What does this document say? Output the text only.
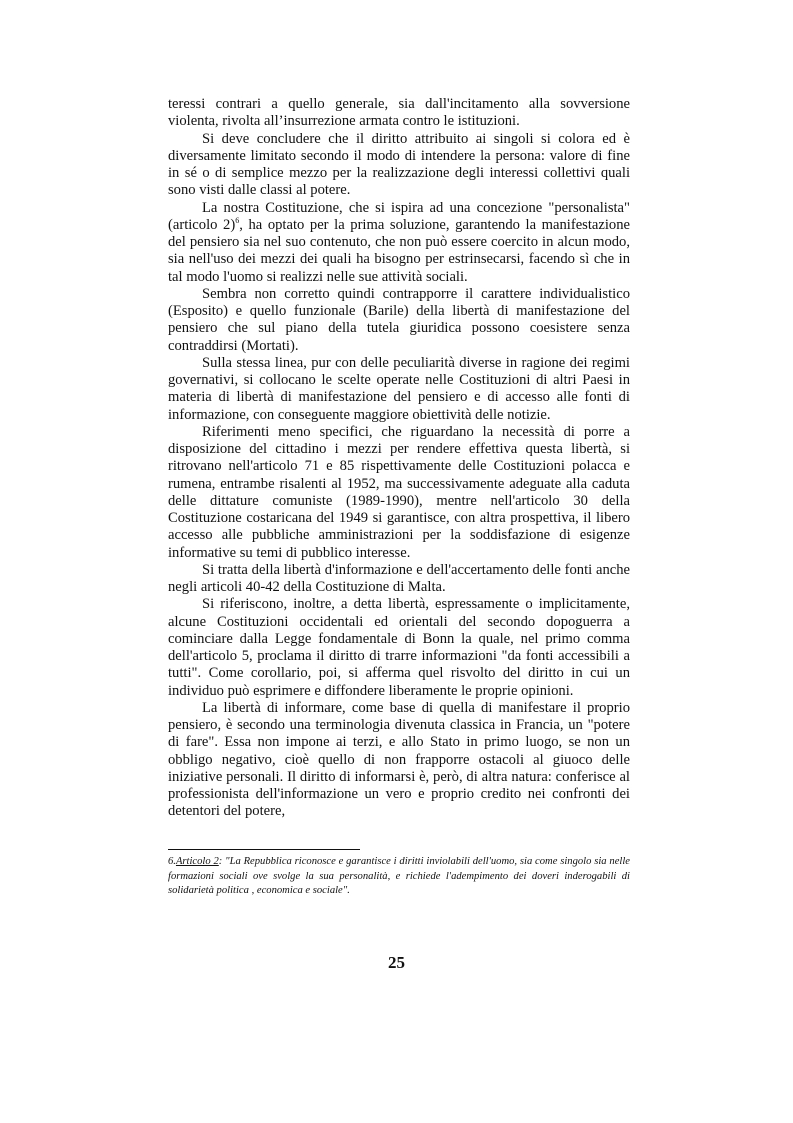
teressi contrari a quello generale, sia dall'incitamento alla sovversione violenta, rivolta all’insurrezione armata contro le istituzioni.

Si deve concludere che il diritto attribuito ai singoli si colora ed è diversamente limitato secondo il modo di intendere la persona: valore di fine in sé o di semplice mezzo per la realizzazione degli interessi collettivi quali sono visti dalle classi al potere.

La nostra Costituzione, che si ispira ad una concezione "personalista" (articolo 2)$^6$, ha optato per la prima soluzione, garantendo la manifestazione del pensiero sia nel suo contenuto, che non può essere coercito in alcun modo, sia nell'uso dei mezzi dei quali ha bisogno per estrinsecarsi, facendo sì che in tal modo l'uomo si realizzi nelle sue attività sociali.

Sembra non corretto quindi contrapporre il carattere individualistico (Esposito) e quello funzionale (Barile) della libertà di manifestazione del pensiero che sul piano della tutela giuridica possono coesistere senza contraddirsi (Mortati).

Sulla stessa linea, pur con delle peculiarità diverse in ragione dei regimi governativi, si collocano le scelte operate nelle Costituzioni di altri Paesi in materia di libertà di manifestazione del pensiero e di accesso alle fonti di informazione, con conseguente maggiore obiettività delle notizie.

Riferimenti meno specifici, che riguardano la necessità di porre a disposizione del cittadino i mezzi per rendere effettiva questa libertà, si ritrovano nell'articolo 71 e 85 rispettivamente delle Costituzioni polacca e rumena, entrambe risalenti al 1952, ma successivamente adeguate alla caduta delle dittature comuniste (1989-1990), mentre nell'articolo 30 della Costituzione costaricana del 1949 si garantisce, con altra prospettiva, il libero accesso alle pubbliche amministrazioni per la soddisfazione di esigenze informative su temi di pubblico interesse.

Si tratta della libertà d'informazione e dell'accertamento delle fonti anche negli articoli 40-42 della Costituzione di Malta.

Si riferiscono, inoltre, a detta libertà, espressamente o implicitamente, alcune Costituzioni occidentali ed orientali del secondo dopoguerra a cominciare dalla Legge fondamentale di Bonn la quale, nel primo comma dell'articolo 5, proclama il diritto di trarre informazioni "da fonti accessibili a tutti". Come corollario, poi, si afferma quel risvolto del diritto in cui un individuo può esprimere e diffondere liberamente le proprie opinioni.

La libertà di informare, come base di quella di manifestare il proprio pensiero, è secondo una terminologia divenuta classica in Francia, un "potere di fare". Essa non impone ai terzi, e allo Stato in primo luogo, se non un obbligo negativo, cioè quello di non frapporre ostacoli al giuoco delle iniziative personali. Il diritto di informarsi è, però, di altra natura: conferisce al professionista dell'informazione un vero e proprio credito nei confronti dei detentori del potere,

6.Articolo 2: "La Repubblica riconosce e garantisce i diritti inviolabili dell'uomo, sia come singolo sia nelle formazioni sociali ove svolge la sua personalità, e richiede l'adempimento dei doveri inderogabili di solidarietà politica , economica e sociale".
25
